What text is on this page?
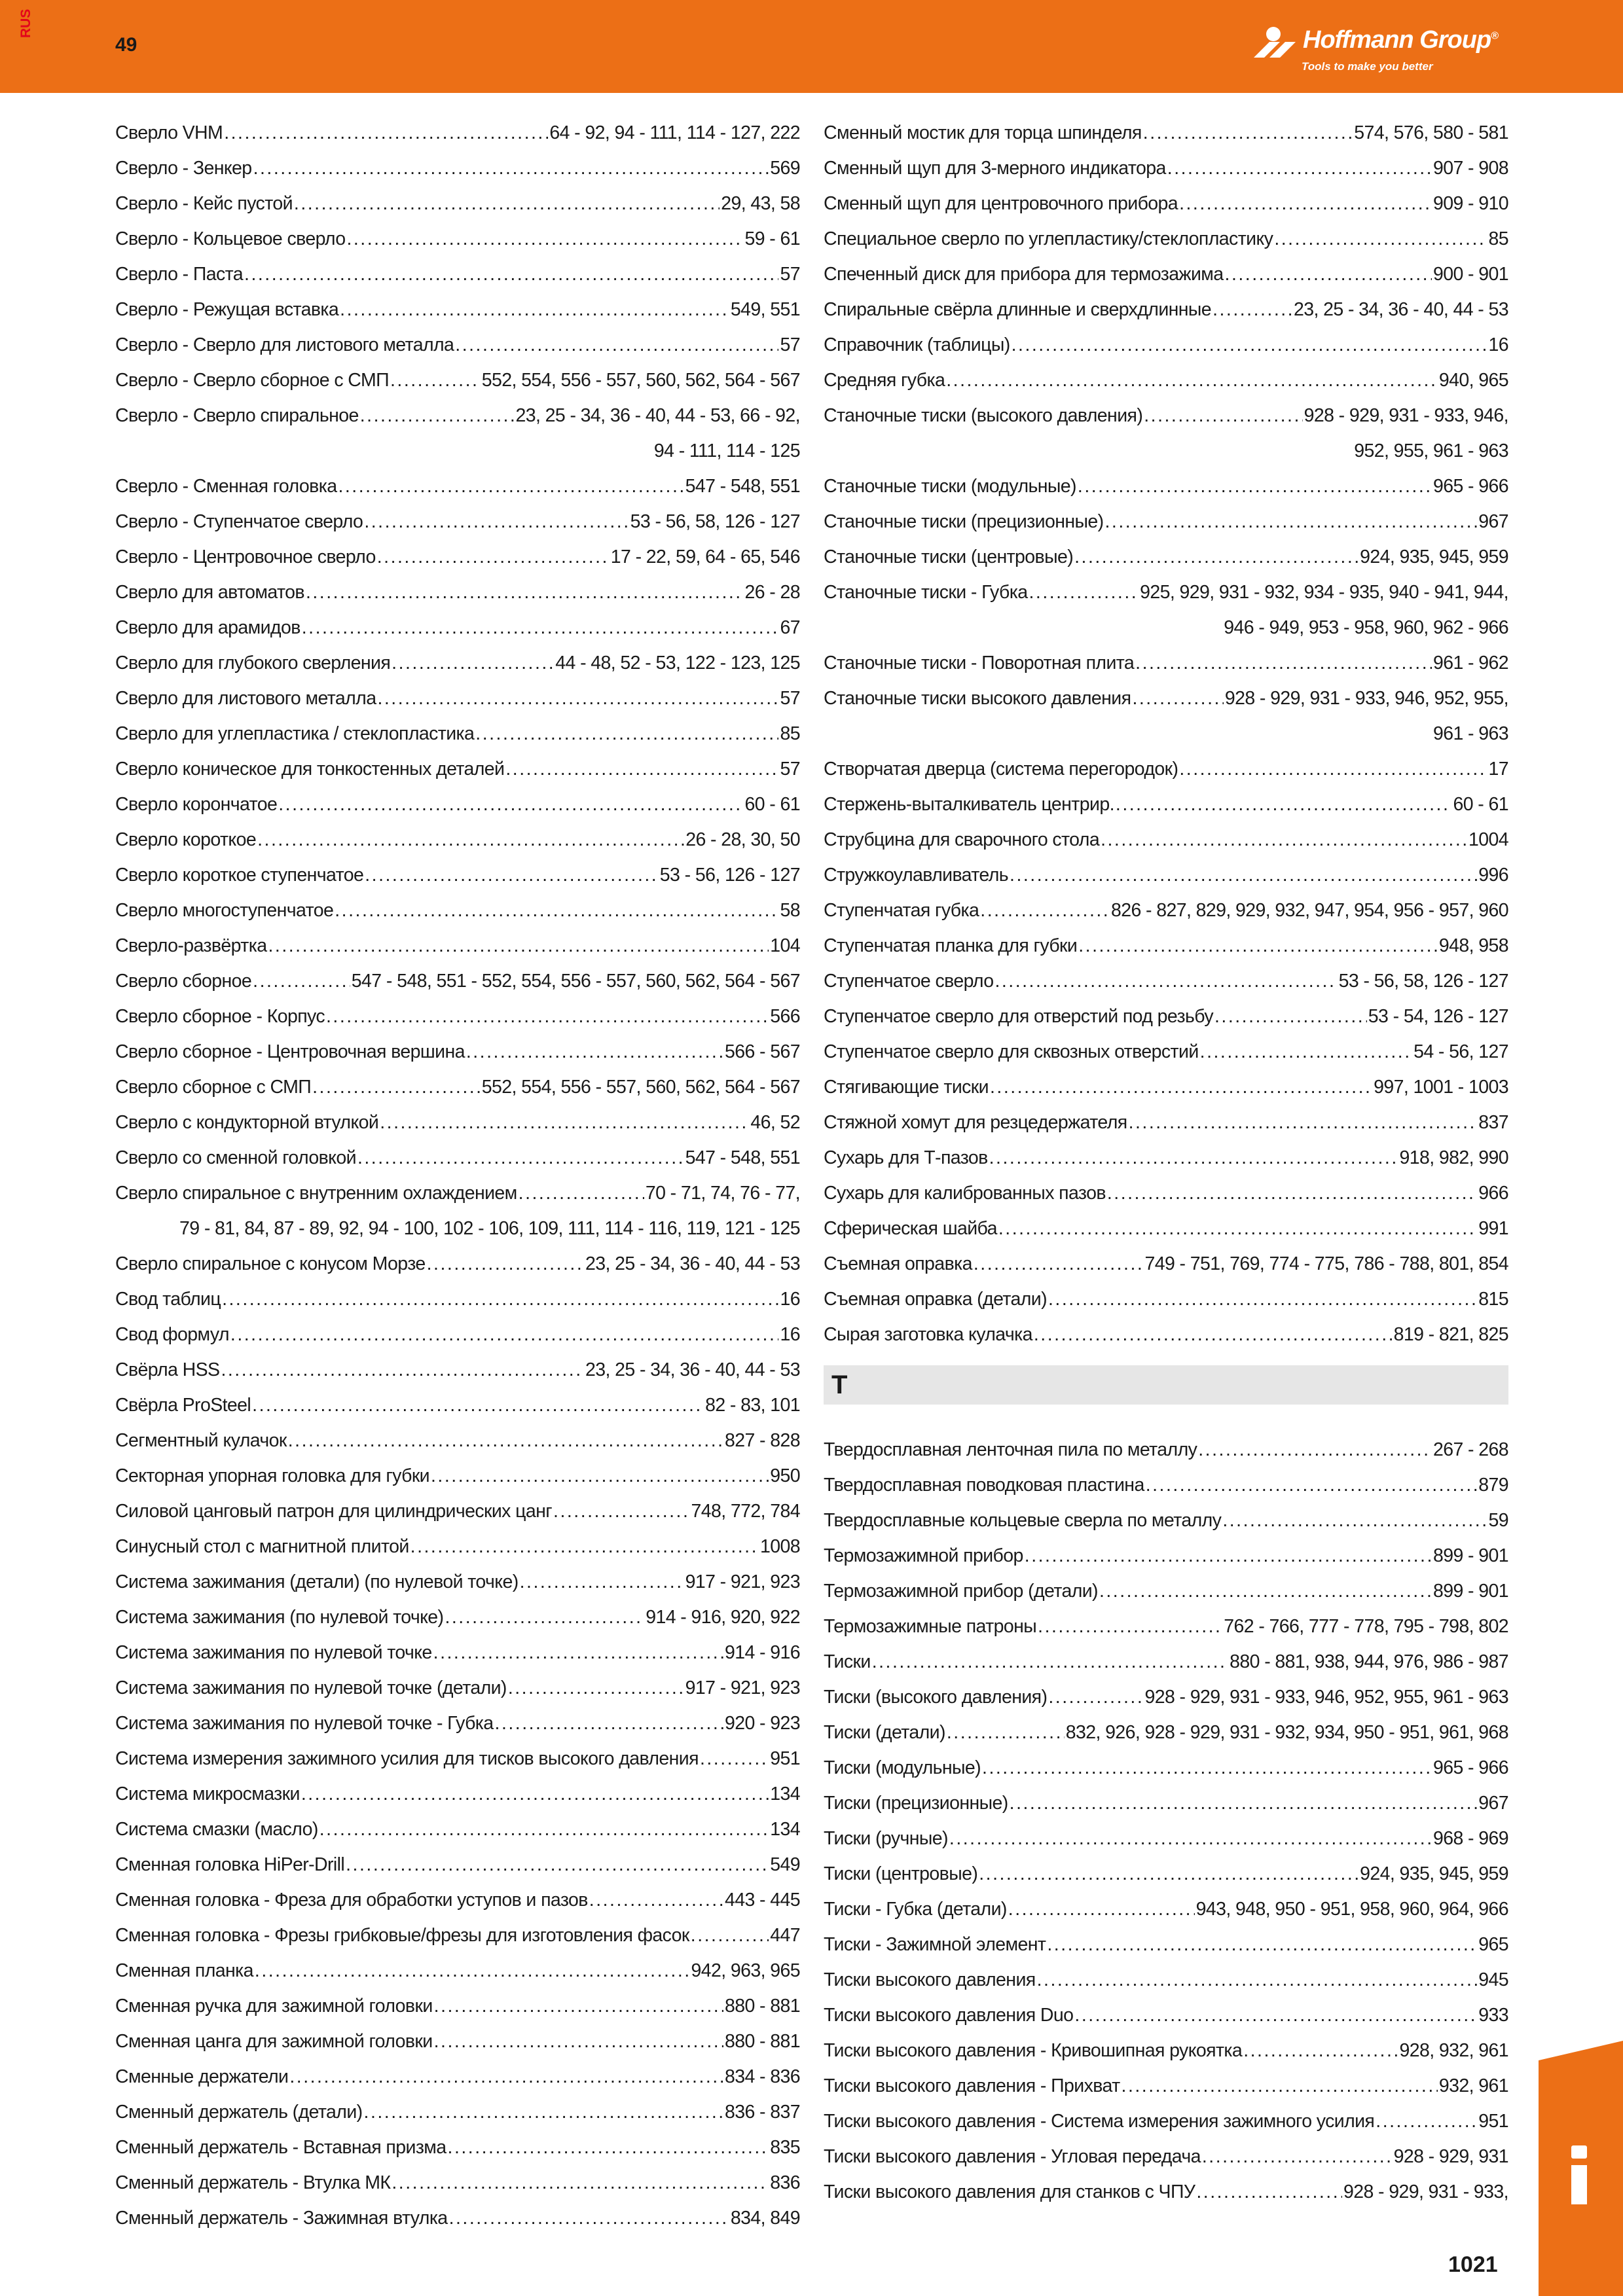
RUS
49	Hoffmann Group®
Tools to make you better
Сверло VHM .....	64 - 92, 94 - 111, 114 - 127, 222
Сверло - Зенкер .....	569
Сверло - Кейс пустой .....	29, 43, 58
Сверло - Кольцевое сверло .....	59 - 61
Сверло - Паста .....	57
Сверло - Режущая вставка .....	549, 551
Сверло - Сверло для листового металла .....	57
Сверло - Сверло сборное с СМП .....	552, 554, 556 - 557, 560, 562, 564 - 567
Сверло - Сверло спиральное .....	23, 25 - 34, 36 - 40, 44 - 53, 66 - 92,
94 - 111, 114 - 125
Сверло - Сменная головка .....	547 - 548, 551
Сверло - Ступенчатое сверло .....	53 - 56, 58, 126 - 127
Сверло - Центровочное сверло .....	17 - 22, 59, 64 - 65, 546
Сверло для автоматов .....	26 - 28
Сверло для арамидов .....	67
Сверло для глубокого сверления .....	44 - 48, 52 - 53, 122 - 123, 125
Сверло для листового металла .....	57
Сверло для углепластика / стеклопластика .....	85
Сверло коническое для тонкостенных деталей .....	57
Сверло корончатое .....	60 - 61
Сверло короткое .....	26 - 28, 30, 50
Сверло короткое ступенчатое .....	53 - 56, 126 - 127
Сверло многоступенчатое .....	58
Сверло-развёртка .....	104
Сверло сборное .....	547 - 548, 551 - 552, 554, 556 - 557, 560, 562, 564 - 567
Сверло сборное - Корпус .....	566
Сверло сборное - Центровочная вершина .....	566 - 567
Сверло сборное с СМП .....	552, 554, 556 - 557, 560, 562, 564 - 567
Сверло с кондукторной втулкой .....	46, 52
Сверло со сменной головкой .....	547 - 548, 551
Сверло спиральное с внутренним охлаждением .....	70 - 71, 74, 76 - 77,
79 - 81, 84, 87 - 89, 92, 94 - 100, 102 - 106, 109, 111, 114 - 116, 119, 121 - 125
Сверло спиральное с конусом Морзе .....	23, 25 - 34, 36 - 40, 44 - 53
Свод таблиц .....	16
Свод формул .....	16
Свёрла HSS .....	23, 25 - 34, 36 - 40, 44 - 53
Свёрла ProSteel .....	82 - 83, 101
Сегментный кулачок .....	827 - 828
Секторная упорная головка для губки .....	950
Силовой цанговый патрон для цилиндрических цанг .....	748, 772, 784
Синусный стол с магнитной плитой .....	1008
Система зажимания (детали) (по нулевой точке) .....	917 - 921, 923
Система зажимания (по нулевой точке) .....	914 - 916, 920, 922
Система зажимания по нулевой точке .....	914 - 916
Система зажимания по нулевой точке (детали) .....	917 - 921, 923
Система зажимания по нулевой точке - Губка .....	920 - 923
Система измерения зажимного усилия для тисков высокого давления .....	951
Система микросмазки .....	134
Система смазки (масло) .....	134
Сменная головка HiPer-Drill .....	549
Сменная головка - Фреза для обработки уступов и пазов .....	443 - 445
Сменная головка - Фрезы грибковые/фрезы для изготовления фасок .....	447
Сменная планка .....	942, 963, 965
Сменная ручка для зажимной головки .....	880 - 881
Сменная цанга для зажимной головки .....	880 - 881
Сменные держатели .....	834 - 836
Сменный держатель (детали) .....	836 - 837
Сменный держатель - Вставная призма .....	835
Сменный держатель - Втулка МК .....	836
Сменный держатель - Зажимная втулка .....	834, 849
Сменный мостик для торца шпинделя .....	574, 576, 580 - 581
Сменный щуп для 3-мерного индикатора .....	907 - 908
Сменный щуп для центровочного прибора .....	909 - 910
Специальное сверло по углепластику/стеклопластику .....	85
Спеченный диск для прибора для термозажима .....	900 - 901
Спиральные свёрла длинные и сверхдлинные .....	23, 25 - 34, 36 - 40, 44 - 53
Справочник (таблицы) .....	16
Средняя губка .....	940, 965
Станочные тиски (высокого давления) .....	928 - 929, 931 - 933, 946,
952, 955, 961 - 963
Станочные тиски (модульные) .....	965 - 966
Станочные тиски (прецизионные) .....	967
Станочные тиски (центровые) .....	924, 935, 945, 959
Станочные тиски - Губка .....	925, 929, 931 - 932, 934 - 935, 940 - 941, 944,
946 - 949, 953 - 958, 960, 962 - 966
Станочные тиски - Поворотная плита .....	961 - 962
Станочные тиски высокого давления .....	928 - 929, 931 - 933, 946, 952, 955,
961 - 963
Створчатая дверца (система перегородок) .....	17
Стержень-выталкиватель центрир. .....	60 - 61
Струбцина для сварочного стола .....	1004
Стружкоулавливатель .....	996
Ступенчатая губка .....	826 - 827, 829, 929, 932, 947, 954, 956 - 957, 960
Ступенчатая планка для губки .....	948, 958
Ступенчатое сверло .....	53 - 56, 58, 126 - 127
Ступенчатое сверло для отверстий под резьбу .....	53 - 54, 126 - 127
Ступенчатое сверло для сквозных отверстий .....	54 - 56, 127
Стягивающие тиски .....	997, 1001 - 1003
Стяжной хомут для резцедержателя .....	837
Сухарь для Т-пазов .....	918, 982, 990
Сухарь для калиброванных пазов .....	966
Сферическая шайба .....	991
Съемная оправка .....	749 - 751, 769, 774 - 775, 786 - 788, 801, 854
Съемная оправка (детали) .....	815
Сырая заготовка кулачка .....	819 - 821, 825
Т
Твердосплавная ленточная пила по металлу .....	267 - 268
Твердосплавная поводковая пластина .....	879
Твердосплавные кольцевые сверла по металлу .....	59
Термозажимной прибор .....	899 - 901
Термозажимной прибор (детали) .....	899 - 901
Термозажимные патроны .....	762 - 766, 777 - 778, 795 - 798, 802
Тиски .....	880 - 881, 938, 944, 976, 986 - 987
Тиски (высокого давления) .....	928 - 929, 931 - 933, 946, 952, 955, 961 - 963
Тиски (детали) .....	832, 926, 928 - 929, 931 - 932, 934, 950 - 951, 961, 968
Тиски (модульные) .....	965 - 966
Тиски (прецизионные) .....	967
Тиски (ручные) .....	968 - 969
Тиски (центровые) .....	924, 935, 945, 959
Тиски - Губка (детали) .....	943, 948, 950 - 951, 958, 960, 964, 966
Тиски - Зажимной элемент .....	965
Тиски высокого давления .....	945
Тиски высокого давления Duo .....	933
Тиски высокого давления - Кривошипная рукоятка .....	928, 932, 961
Тиски высокого давления - Прихват .....	932, 961
Тиски высокого давления - Система измерения зажимного усилия .....	951
Тиски высокого давления - Угловая передача .....	928 - 929, 931
Тиски высокого давления для станков с ЧПУ .....	928 - 929, 931 - 933,
1021
